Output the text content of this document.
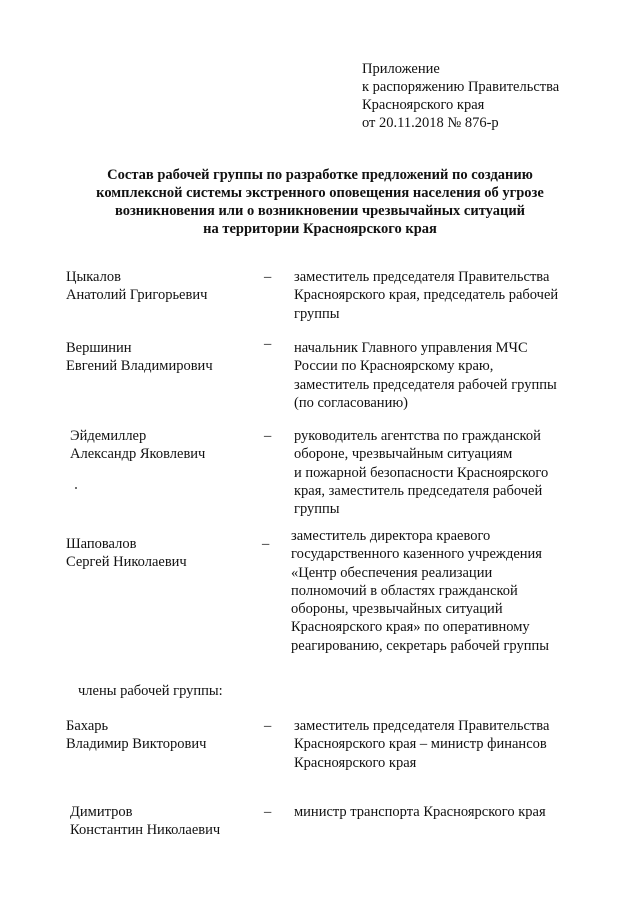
Приложение
к распоряжению Правительства
Красноярского края
от 20.11.2018 № 876-р
Состав рабочей группы по разработке предложений по созданию
комплексной системы экстренного оповещения населения об угрозе
возникновения или о возникновении чрезвычайных ситуаций
на территории Красноярского края
Цыкалов
Анатолий Григорьевич
– заместитель председателя Правительства
Красноярского края, председатель рабочей
группы
Вершинин
Евгений Владимирович
– начальник Главного управления МЧС
России по Красноярскому краю,
заместитель председателя рабочей группы
(по согласованию)
Эйдемиллер
Александр Яковлевич
– руководитель агентства по гражданской
обороне, чрезвычайным ситуациям
и пожарной безопасности Красноярского
края, заместитель председателя рабочей
группы
Шаповалов
Сергей Николаевич
– заместитель директора краевого
государственного казенного учреждения
«Центр обеспечения реализации
полномочий в областях гражданской
обороны, чрезвычайных ситуаций
Красноярского края» по оперативному
реагированию, секретарь рабочей группы
члены рабочей группы:
Бахарь
Владимир Викторович
– заместитель председателя Правительства
Красноярского края – министр финансов
Красноярского края
Димитров
Константин Николаевич
– министр транспорта Красноярского края
